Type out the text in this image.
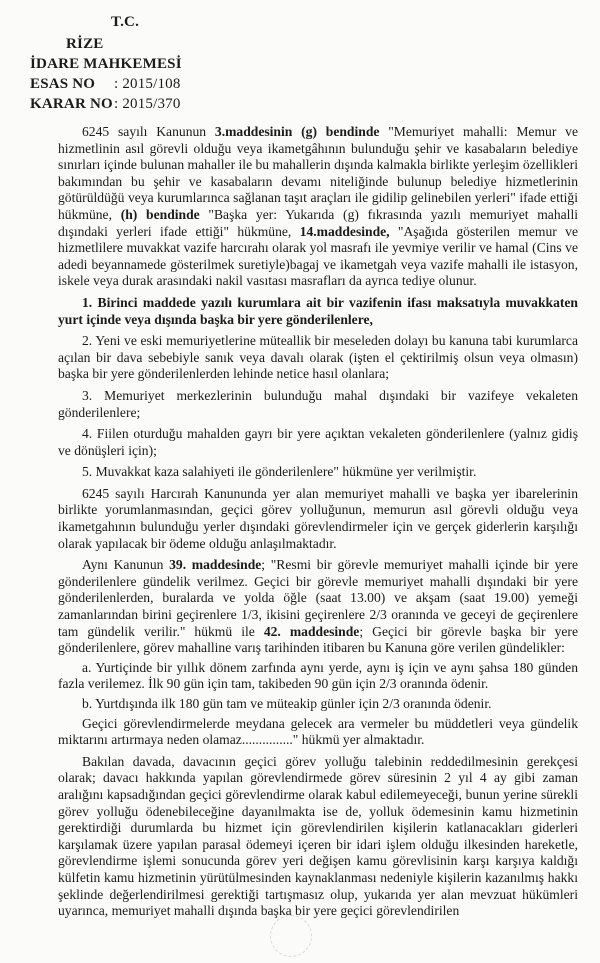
T.C.
RİZE
İDARE MAHKEMESİ
ESAS NO : 2015/108
KARAR NO : 2015/370

6245 sayılı Kanunun 3.maddesinin (g) bendinde "Memuriyet mahalli: Memur ve hizmetlinin asıl görevli olduğu veya ikametgâhının bulunduğu şehir ve kasabaların belediye sınırları içinde bulunan mahaller ile bu mahallerin dışında kalmakla birlikte yerleşim özellikleri bakımından bu şehir ve kasabaların devamı niteliğinde bulunup belediye hizmetlerinin götürüldüğü veya kurumlarınca sağlanan taşıt araçları ile gidilip gelinebilen yerleri" ifade ettiği hükmüne, (h) bendinde "Başka yer: Yukarıda (g) fıkrasında yazılı memuriyet mahalli dışındaki yerleri ifade ettiği" hükmüne, 14.maddesinde, "Aşağıda gösterilen memur ve hizmetlilere muvakkat vazife harcırahı olarak yol masrafı ile yevmiye verilir ve hamal (Cins ve adedi beyannamede gösterilmek suretiyle)bagaj ve ikametgah veya vazife mahalli ile istasyon, iskele veya durak arasındaki nakil vasıtası masrafları da ayrıca tediye olunur.

1. Birinci maddede yazılı kurumlara ait bir vazifenin ifası maksatıyla muvakkaten yurt içinde veya dışında başka bir yere gönderilenlere,

2. Yeni ve eski memuriyetlerine müteallik bir meseleden dolayı bu kanuna tabi kurumlarca açılan bir dava sebebiyle sanık veya davalı olarak (işten el çektirilmiş olsun veya olmasın) başka bir yere gönderilenlerden lehinde netice hasıl olanlara;

3. Memuriyet merkezlerinin bulunduğu mahal dışındaki bir vazifeye vekaleten gönderilenlere;

4. Fiilen oturduğu mahalden gayrı bir yere açıktan vekaleten gönderilenlere (yalnız gidiş ve dönüşleri için);

5. Muvakkat kaza salahiyeti ile gönderilenlere" hükmüne yer verilmiştir.

6245 sayılı Harcırah Kanununda yer alan memuriyet mahalli ve başka yer ibarelerinin birlikte yorumlanmasından, geçici görev yolluğunun, memurun asıl görevli olduğu veya ikametgahının bulunduğu yerler dışındaki görevlendirmeler için ve gerçek giderlerin karşılığı olarak yapılacak bir ödeme olduğu anlaşılmaktadır.

Aynı Kanunun 39. maddesinde; "Resmi bir görevle memuriyet mahalli içinde bir yere gönderilenlere gündelik verilmez. Geçici bir görevle memuriyet mahalli dışındaki bir yere gönderilenlerden, buralarda ve yolda öğle (saat 13.00) ve akşam (saat 19.00) yemeği zamanlarından birini geçirenlere 1/3, ikisini geçirenlere 2/3 oranında ve geceyi de geçirenlere tam gündelik verilir." hükmü ile 42. maddesinde; Geçici bir görevle başka bir yere gönderilenlere, görev mahalline varış tarihinden itibaren bu Kanuna göre verilen gündelikler:

a. Yurtiçinde bir yıllık dönem zarfında aynı yerde, aynı iş için ve aynı şahsa 180 günden fazla verilemez. İlk 90 gün için tam, takibeden 90 gün için 2/3 oranında ödenir.

b. Yurtdışında ilk 180 gün tam ve müteakip günler için 2/3 oranında ödenir.

Geçici görevlendirmelerde meydana gelecek ara vermeler bu müddetleri veya gündelik miktarını artırmaya neden olamaz..............." hükmü yer almaktadır.

Bakılan davada, davacının geçici görev yolluğu talebinin reddedilmesinin gerekçesi olarak; davacı hakkında yapılan görevlendirmede görev süresinin 2 yıl 4 ay gibi zaman aralığını kapsadığından geçici görevlendirme olarak kabul edilemeyeceği, bunun yerine sürekli görev yolluğu ödenebileceğine dayanılmakta ise de, yolluk ödemesinin kamu hizmetinin gerektirdiği durumlarda bu hizmet için görevlendirilen kişilerin katlanacakları giderleri karşılamak üzere yapılan parasal ödemeyi içeren bir idari işlem olduğu ilkesinden hareketle, görevlendirme işlemi sonucunda görev yeri değişen kamu görevlisinin karşı karşıya kaldığı külfetin kamu hizmetinin yürütülmesinden kaynaklanması nedeniyle kişilerin kazanılmış hakkı şeklinde değerlendirilmesi gerektiği tartışmasız olup, yukarıda yer alan mevzuat hükümleri uyarınca, memuriyet mahalli dışında başka bir yere geçici görevlendirilen
